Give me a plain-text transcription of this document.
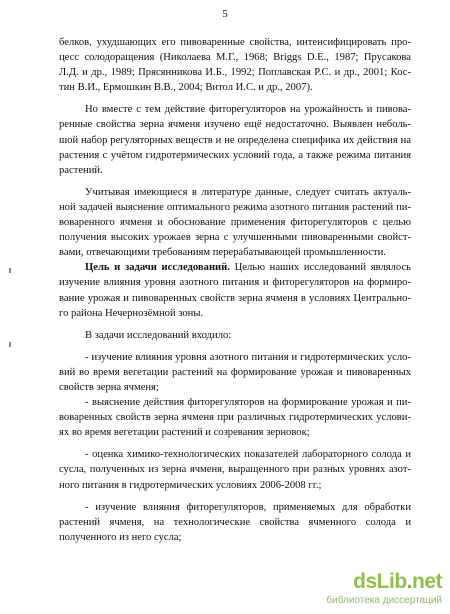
5
белков, ухудшающих его пивоваренные свойства, интенсифицировать про-
цесс солодоращения (Николаева М.Г., 1968; Briggs D.E., 1987; Прусакова
Л.Д. и др., 1989; Прясянникова И.Б., 1992; Поплавская Р.С. и др., 2001; Кос-
тин В.И., Ермошкин В.В., 2004; Витол И.С. и др., 2007).
Но вместе с тем действие фиторегуляторов на урожайность и пивова-
ренные свойства зерна ячменя изучено ещё недостаточно. Выявлен неболь-
шой набор регуляторных веществ и не определена специфика их действия на
растения с учётом гидротермических условий года, а также режима питания
растений.
Учитывая имеющиеся в литературе данные, следует считать актуаль-
ной задачей выяснение оптимального режима азотного питания растений пи-
воваренного ячменя и обоснование применения фиторегуляторов с целью
получения высоких урожаев зерна с улучшенными пивоваренными свойст-
вами, отвечающими требованиям перерабатывающей промышленности.
Цель и задачи исследований. Целью наших исследований являлось
изучение влияния уровня азотного питания и фиторегуляторов на формиро-
вание урожая и пивоваренных свойств зерна ячменя в условиях Центрально-
го района Нечернозёмной зоны.
В задачи исследований входило:
- изучение влияния уровня азотного питания и гидротермических усло-
вий во время вегетации растений на формирование урожая и пивоваренных
свойств зерна ячменя;
- выяснение действия фиторегуляторов на формирование урожая и пи-
воваренных свойств зерна ячменя при различных гидротермических услови-
ях во время вегетации растений и созревания зерновок;
- оценка химико-технологических показателей лабораторного солода и
сусла, полученных из зерна ячменя, выращенного при разных уровнях азот-
ного питания в гидротермических условиях 2006-2008 гг.;
- изучение влияния фиторегуляторов, применяемых для обработки
растений ячменя, на технологические свойства ячменного солода и
полученного из него сусла;
dsLib.net
библиотека диссертаций
